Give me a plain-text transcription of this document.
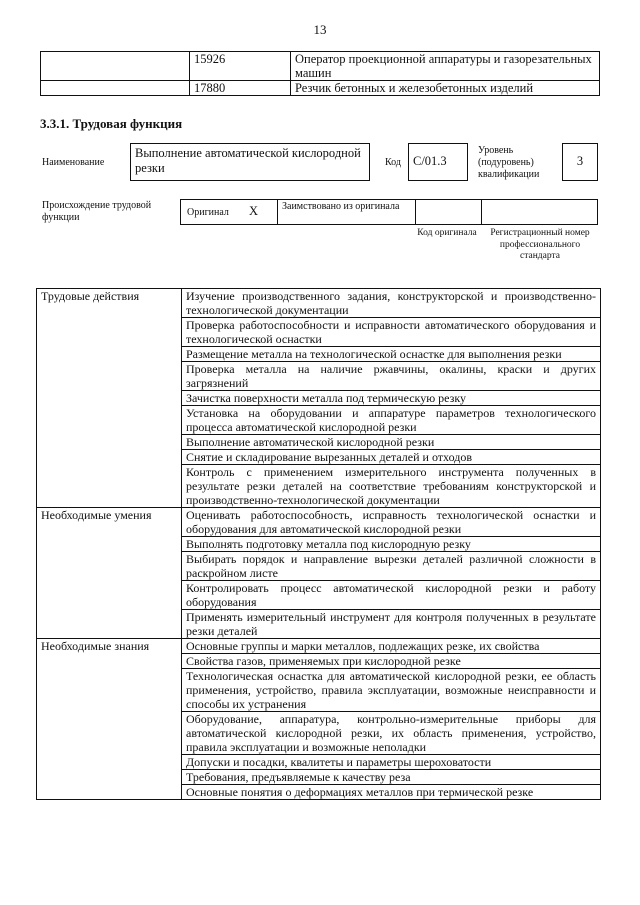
13
	15926	Оператор проекционной аппаратуры и газорезательных машин
	17880	Резчик бетонных и железобетонных изделий
3.3.1. Трудовая функция
Наименование
Выполнение автоматической кислородной резки	Код C/01.3
Уровень (подуровень) квалификации
3
Происхождение трудовой функции	Оригинал X Заимствовано из оригинала
Код оригинала	Регистрационный номер профессионального стандарта
Трудовые действия	Изучение производственного задания, конструкторской и производственно-технологической документации
	Проверка работоспособности и исправности автоматического оборудования и технологической оснастки
	Размещение металла на технологической оснастке для выполнения резки
	Проверка металла на наличие ржавчины, окалины, краски и других загрязнений
	Зачистка поверхности металла под термическую резку
	Установка на оборудовании и аппаратуре параметров технологического процесса автоматической кислородной резки
	Выполнение автоматической кислородной резки
	Снятие и складирование вырезанных деталей и отходов
	Контроль с применением измерительного инструмента полученных в результате резки деталей на соответствие требованиям конструкторской и производственно-технологической документации
Необходимые умения	Оценивать работоспособность, исправность технологической оснастки и оборудования для автоматической кислородной резки
	Выполнять подготовку металла под кислородную резку
	Выбирать порядок и направление вырезки деталей различной сложности в раскройном листе
	Контролировать процесс автоматической кислородной резки и работу оборудования
	Применять измерительный инструмент для контроля полученных в результате резки деталей
Необходимые знания	Основные группы и марки металлов, подлежащих резке, их свойства
	Свойства газов, применяемых при кислородной резке
	Технологическая оснастка для автоматической кислородной резки, ее область применения, устройство, правила эксплуатации, возможные неисправности и способы их устранения
	Оборудование, аппаратура, контрольно-измерительные приборы для автоматической кислородной резки, их область применения, устройство, правила эксплуатации и возможные неполадки
	Допуски и посадки, квалитеты и параметры шероховатости
	Требования, предъявляемые к качеству реза
	Основные понятия о деформациях металлов при термической резке
